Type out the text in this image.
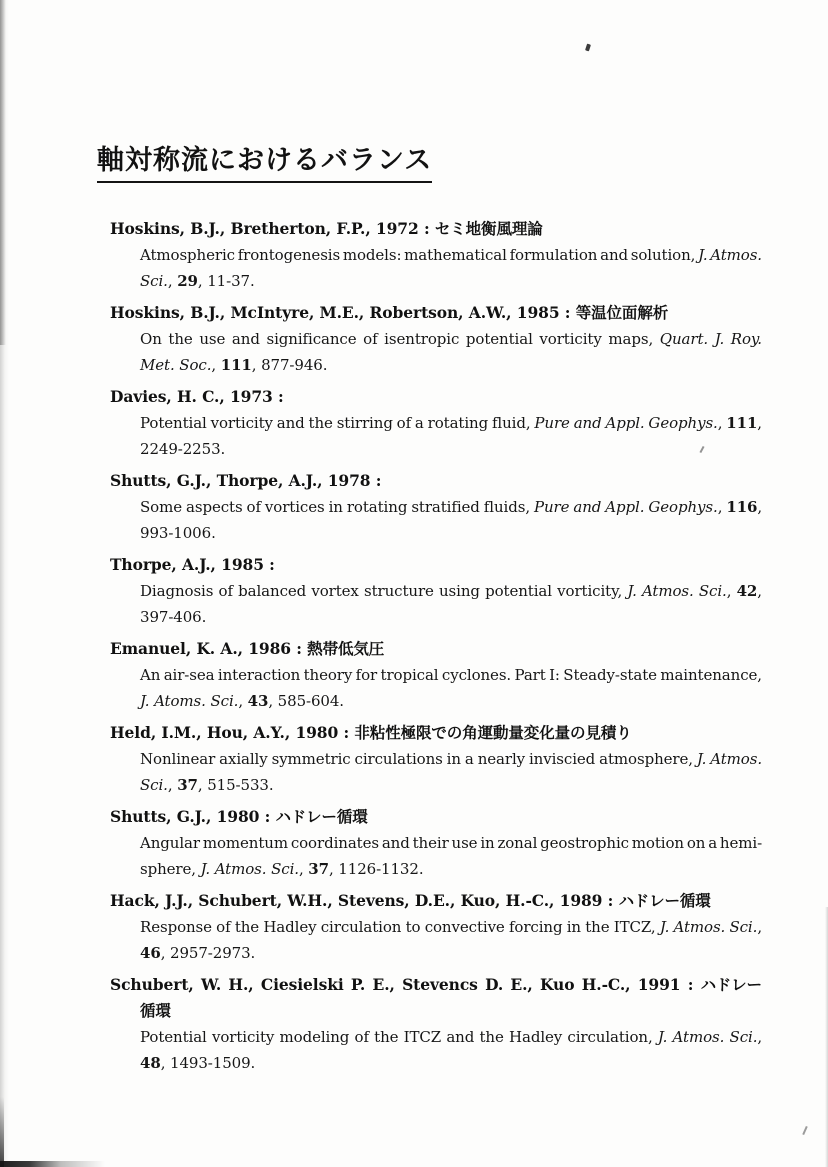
軸対称流におけるバランス
Hoskins, B.J., Bretherton, F.P., 1972 : セミ地衡風理論
Atmospheric frontogenesis models: mathematical formulation and solution, J. Atmos.
Sci., 29, 11-37.
Hoskins, B.J., McIntyre, M.E., Robertson, A.W., 1985 : 等温位面解析
On the use and significance of isentropic potential vorticity maps, Quart. J. Roy.
Met. Soc., 111, 877-946.
Davies, H. C., 1973 :
Potential vorticity and the stirring of a rotating fluid, Pure and Appl. Geophys., 111,
2249-2253.
Shutts, G.J., Thorpe, A.J., 1978 :
Some aspects of vortices in rotating stratified fluids, Pure and Appl. Geophys., 116,
993-1006.
Thorpe, A.J., 1985 :
Diagnosis of balanced vortex structure using potential vorticity, J. Atmos. Sci., 42,
397-406.
Emanuel, K. A., 1986 : 熱帯低気圧
An air-sea interaction theory for tropical cyclones. Part I: Steady-state maintenance,
J. Atoms. Sci., 43, 585-604.
Held, I.M., Hou, A.Y., 1980 : 非粘性極限での角運動量変化量の見積り
Nonlinear axially symmetric circulations in a nearly inviscied atmosphere, J. Atmos.
Sci., 37, 515-533.
Shutts, G.J., 1980 : ハドレー循環
Angular momentum coordinates and their use in zonal geostrophic motion on a hemi-
sphere, J. Atmos. Sci., 37, 1126-1132.
Hack, J.J., Schubert, W.H., Stevens, D.E., Kuo, H.-C., 1989 : ハドレー循環
Response of the Hadley circulation to convective forcing in the ITCZ, J. Atmos. Sci.,
46, 2957-2973.
Schubert, W. H., Ciesielski P. E., Stevencs D. E., Kuo H.-C., 1991 : ハドレー
循環
Potential vorticity modeling of the ITCZ and the Hadley circulation, J. Atmos. Sci.,
48, 1493-1509.
